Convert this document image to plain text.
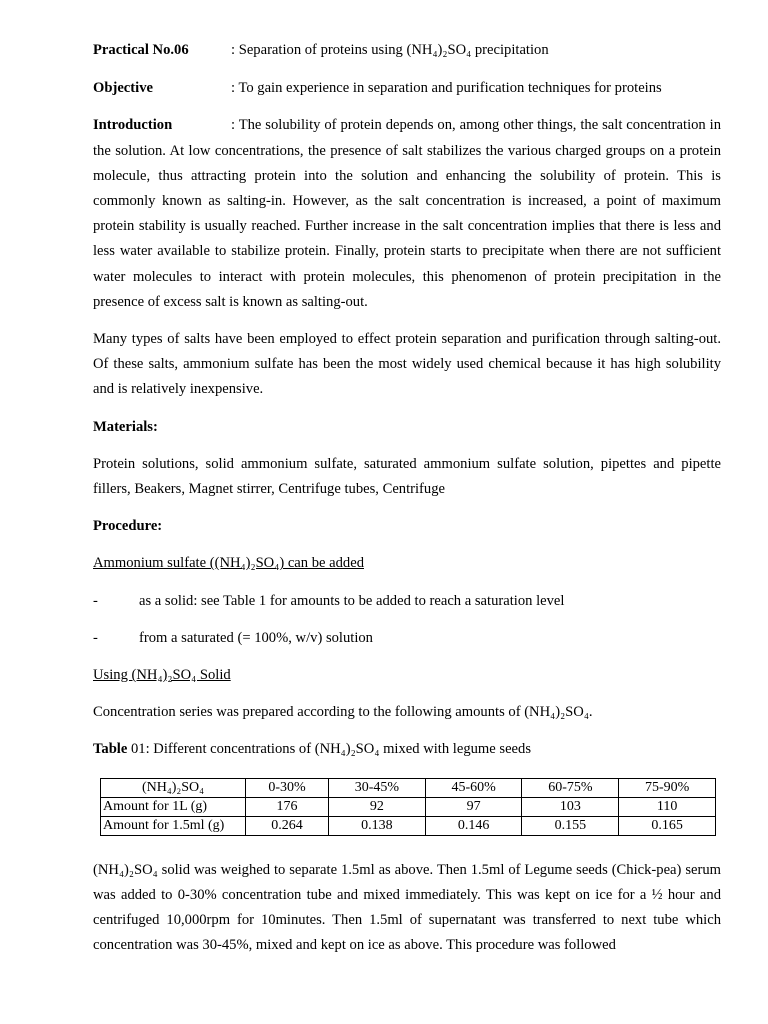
Practical No.06	: Separation of proteins using (NH₄)₂SO₄ precipitation
Objective	: To gain experience in separation and purification techniques for proteins

Introduction	: The solubility of protein depends on, among other things, the salt concentration in the solution. At low concentrations, the presence of salt stabilizes the various charged groups on a protein molecule, thus attracting protein into the solution and enhancing the solubility of protein. This is commonly known as salting-in. However, as the salt concentration is increased, a point of maximum protein stability is usually reached. Further increase in the salt concentration implies that there is less and less water available to stabilize protein. Finally, protein starts to precipitate when there are not sufficient water molecules to interact with protein molecules, this phenomenon of protein precipitation in the presence of excess salt is known as salting-out.

Many types of salts have been employed to effect protein separation and purification through salting-out. Of these salts, ammonium sulfate has been the most widely used chemical because it has high solubility and is relatively inexpensive.

Materials:

Protein solutions, solid ammonium sulfate, saturated ammonium sulfate solution, pipettes and pipette fillers, Beakers, Magnet stirrer, Centrifuge tubes, Centrifuge

Procedure:

Ammonium sulfate ((NH₄)₂SO₄) can be added

-	as a solid: see Table 1 for amounts to be added to reach a saturation level
-	from a saturated (= 100%, w/v) solution

Using (NH₄)₂SO₄ Solid

Concentration series was prepared according to the following amounts of (NH₄)₂SO₄.

Table 01: Different concentrations of (NH₄)₂SO₄ mixed with legume seeds

(NH₄)₂SO₄	0-30%	30-45%	45-60%	60-75%	75-90%
Amount for 1L (g)	176	92	97	103	110
Amount for 1.5ml (g)	0.264	0.138	0.146	0.155	0.165

(NH₄)₂SO₄ solid was weighed to separate 1.5ml as above. Then 1.5ml of Legume seeds (Chick-pea) serum was added to 0-30% concentration tube and mixed immediately. This was kept on ice for a ½ hour and centrifuged 10,000rpm for 10minutes. Then 1.5ml of supernatant was transferred to next tube which concentration was 30-45%, mixed and kept on ice as above. This procedure was followed
